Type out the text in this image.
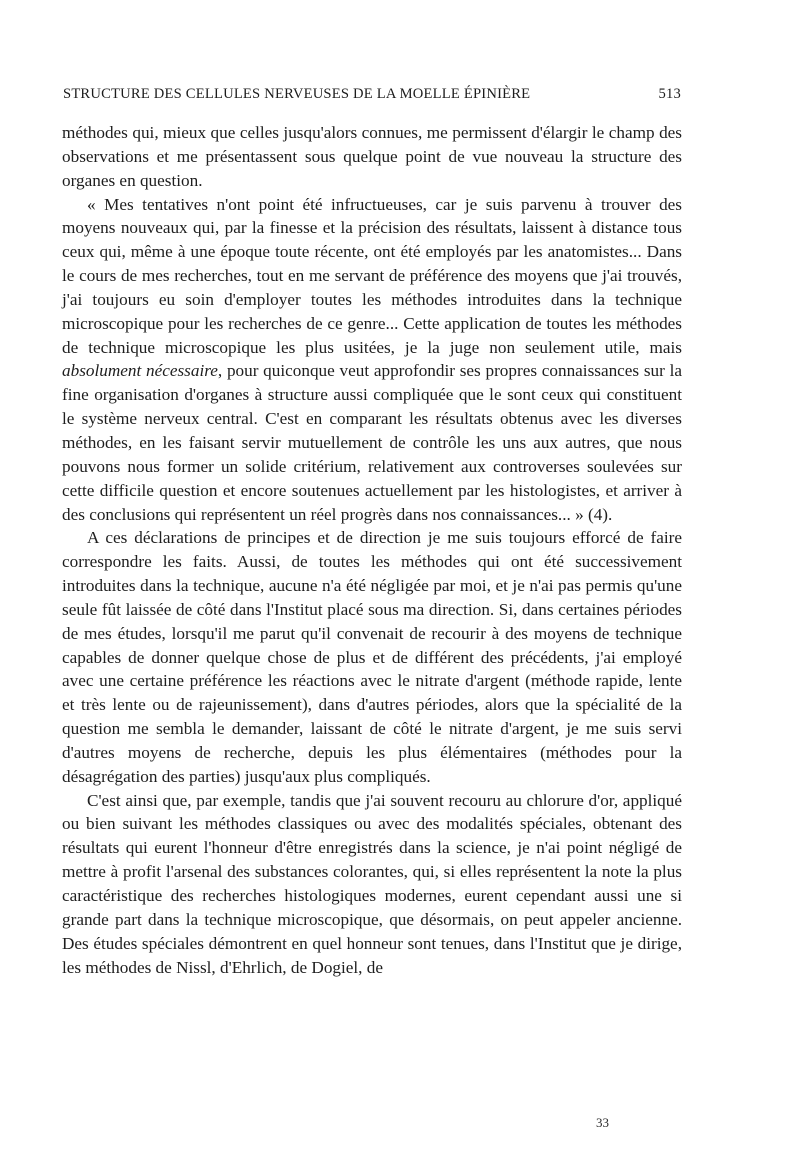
STRUCTURE DES CELLULES NERVEUSES DE LA MOELLE ÉPINIÈRE	513

méthodes qui, mieux que celles jusqu'alors connues, me permissent d'élargir le champ des observations et me présentassent sous quelque point de vue nouveau la structure des organes en question.

« Mes tentatives n'ont point été infructueuses, car je suis parvenu à trouver des moyens nouveaux qui, par la finesse et la précision des résultats, laissent à distance tous ceux qui, même à une époque toute récente, ont été employés par les anatomistes... Dans le cours de mes recherches, tout en me servant de préférence des moyens que j'ai trouvés, j'ai toujours eu soin d'employer toutes les méthodes introduites dans la technique microscopique pour les recherches de ce genre... Cette application de toutes les méthodes de technique microscopique les plus usitées, je la juge non seulement utile, mais absolument nécessaire, pour quiconque veut approfondir ses propres connaissances sur la fine organisation d'organes à structure aussi compliquée que le sont ceux qui constituent le système nerveux central. C'est en comparant les résultats obtenus avec les diverses méthodes, en les faisant servir mutuellement de contrôle les uns aux autres, que nous pouvons nous former un solide critérium, relativement aux controverses soulevées sur cette difficile question et encore soutenues actuellement par les histologistes, et arriver à des conclusions qui représentent un réel progrès dans nos connaissances... » (4).

A ces déclarations de principes et de direction je me suis toujours efforcé de faire correspondre les faits. Aussi, de toutes les méthodes qui ont été successivement introduites dans la technique, aucune n'a été négligée par moi, et je n'ai pas permis qu'une seule fût laissée de côté dans l'Institut placé sous ma direction. Si, dans certaines périodes de mes études, lorsqu'il me parut qu'il convenait de recourir à des moyens de technique capables de donner quelque chose de plus et de différent des précédents, j'ai employé avec une certaine préférence les réactions avec le nitrate d'argent (méthode rapide, lente et très lente ou de rajeunissement), dans d'autres périodes, alors que la spécialité de la question me sembla le demander, laissant de côté le nitrate d'argent, je me suis servi d'autres moyens de recherche, depuis les plus élémentaires (méthodes pour la désagrégation des parties) jusqu'aux plus compliqués.

C'est ainsi que, par exemple, tandis que j'ai souvent recouru au chlorure d'or, appliqué ou bien suivant les méthodes classiques ou avec des modalités spéciales, obtenant des résultats qui eurent l'honneur d'être enregistrés dans la science, je n'ai point négligé de mettre à profit l'arsenal des substances colorantes, qui, si elles représentent la note la plus caractéristique des recherches histologiques modernes, eurent cependant aussi une si grande part dans la technique microscopique, que désormais, on peut appeler ancienne. Des études spéciales démontrent en quel honneur sont tenues, dans l'Institut que je dirige, les méthodes de Nissl, d'Ehrlich, de Dogiel, de

33
